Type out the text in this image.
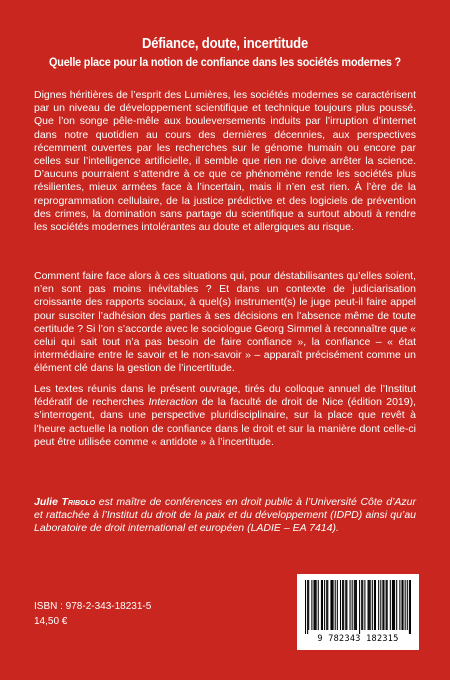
Défiance, doute, incertitude
Quelle place pour la notion de confiance dans les sociétés modernes ?

Dignes héritières de l’esprit des Lumières, les sociétés modernes se caractérisent par un niveau de développement scientifique et technique toujours plus poussé. Que l’on songe pêle-mêle aux bouleversements induits par l’irruption d’internet dans notre quotidien au cours des dernières décennies, aux perspectives récemment ouvertes par les recherches sur le génome humain ou encore par celles sur l’intelligence artificielle, il semble que rien ne doive arrêter la science. D’aucuns pourraient s’attendre à ce que ce phénomène rende les sociétés plus résilientes, mieux armées face à l’incertain, mais il n’en est rien. À l’ère de la reprogrammation cellulaire, de la justice prédictive et des logiciels de prévention des crimes, la domination sans partage du scientifique a surtout abouti à rendre les sociétés modernes intolérantes au doute et allergiques au risque.

Comment faire face alors à ces situations qui, pour déstabilisantes qu’elles soient, n’en sont pas moins inévitables ? Et dans un contexte de judiciarisation croissante des rapports sociaux, à quel(s) instrument(s) le juge peut-il faire appel pour susciter l’adhésion des parties à ses décisions en l’absence même de toute certitude ? Si l’on s’accorde avec le sociologue Georg Simmel à reconnaître que « celui qui sait tout n’a pas besoin de faire confiance », la confiance – « état intermédiaire entre le savoir et le non-savoir » – apparaît précisément comme un élément clé dans la gestion de l’incertitude.

Les textes réunis dans le présent ouvrage, tirés du colloque annuel de l’Institut fédératif de recherches Interaction de la faculté de droit de Nice (édition 2019), s’interrogent, dans une perspective pluridisciplinaire, sur la place que revêt à l’heure actuelle la notion de confiance dans le droit et sur la manière dont celle-ci peut être utilisée comme « antidote » à l’incertitude.

Julie Tribolo est maître de conférences en droit public à l’Université Côte d’Azur et rattachée à l’Institut du droit de la paix et du développement (IDPD) ainsi qu’au Laboratoire de droit international et européen (LADIE – EA 7414).

ISBN : 978-2-343-18231-5
14,50 €
9 782343 182315
